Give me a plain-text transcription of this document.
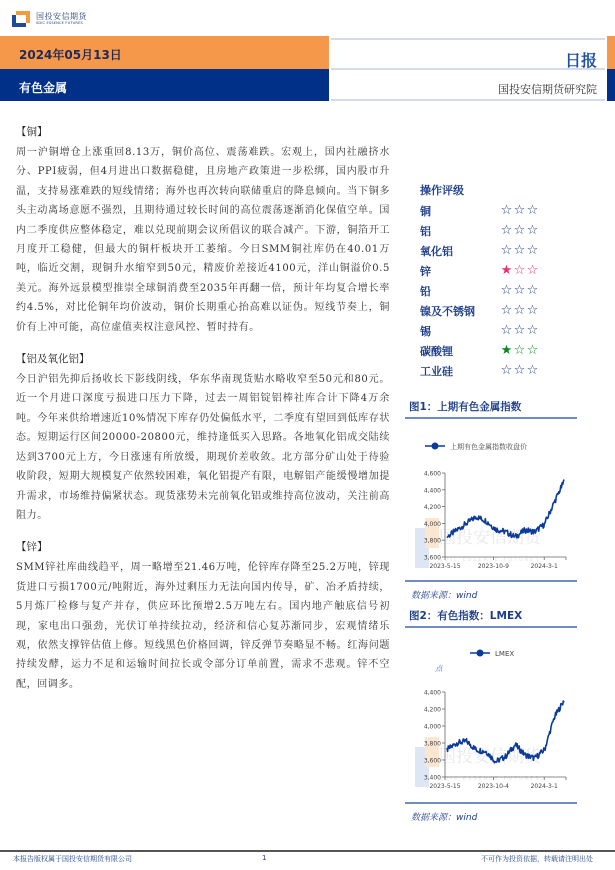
国投安信期货
SDIC ESSENCE FUTURES
2024年05月13日
有色金属
日报
国投安信期货研究院
【铜】
周一沪铜增仓上涨重回8.13万，铜价高位、震荡难跌。宏观上，国内社融挤水分、PPI疲弱，但4月进出口数据稳健，且房地产政策进一步松绑，国内股市升温，支持易涨难跌的短线情绪；海外也再次转向联储重启的降息倾向。当下铜多头主动离场意愿不强烈，且期待通过较长时间的高位震荡逐渐消化保值空单。国内二季度供应整体稳定，难以兑现前期会议所倡议的联合减产。下游，铜箔开工月度开工稳健，但最大的铜杆板块开工萎缩。今日SMM铜社库仍在40.01万吨，临近交割，现铜升水缩窄到50元，精废价差接近4100元，洋山铜溢价0.5美元。海外远景模型推崇全球铜消费至2035年再翻一倍，预计年均复合增长率约4.5%，对比伦铜年均价波动，铜价长期重心抬高难以证伪。短线节奏上，铜价有上冲可能，高位虚值卖权注意风控、暂时持有。
【铝及氧化铝】
今日沪铝先抑后扬收长下影线阴线，华东华南现货贴水略收窄至50元和80元。近一个月进口深度亏损进口压力下降，过去一周铝锭铝棒社库合计下降4万余吨。今年来供给增速近10%情况下库存仍处偏低水平，二季度有望回到低库存状态。短期运行区间20000-20800元，维持逢低买入思路。各地氧化铝成交陆续达到3700元上方，今日涨速有所放缓，期现价差收敛。北方部分矿山处于待验收阶段，短期大规模复产依然较困难，氧化铝提产有限，电解铝产能缓慢增加提升需求，市场维持偏紧状态。现货涨势未完前氧化铝或维持高位波动，关注前高阻力。
【锌】
SMM锌社库曲线趋平，周一略增至21.46万吨，伦锌库存降至25.2万吨，锌现货进口亏损1700元/吨附近，海外过剩压力无法向国内传导，矿、冶矛盾持续，5月炼厂检修与复产并存，供应环比预增2.5万吨左右。国内地产触底信号初现，家电出口强劲，光伏订单持续拉动，经济和信心复苏渐同步，宏观情绪乐观，依然支撑锌估值上修。短线黑色价格回调，锌反弹节奏略显不畅。红海问题持续发酵，运力不足和运输时间拉长或令部分订单前置，需求不悲观。锌不空配，回调多。
操作评级
铜	☆ ☆ ☆
铝	☆ ☆ ☆
氧化铝	☆ ☆ ☆
锌	★ ☆ ☆
铅	☆ ☆ ☆
镍及不锈钢	☆ ☆ ☆
锡	☆ ☆ ☆
碳酸锂	★ ☆ ☆
工业硅	☆ ☆ ☆
图1：上期有色金属指数
国投安信期货
SDIC ESSENCE FUTURES
上期有色金属指数收盘价
3,600
3,800
4,000
4,200
4,400
4,600
2023-5-15	2023-10-9	2024-3-1
数据来源：wind
图2：有色指数：LMEX
国投安信期货
SDIC ESSENCE FUTURES
LMEX
点
3,400
3,600
3,800
4,000
4,200
4,400
2023-5-15	2023-10-4	2024-3-1
数据来源：wind
本报告版权属于国投安信期货有限公司	1	不可作为投资依据，转载请注明出处
